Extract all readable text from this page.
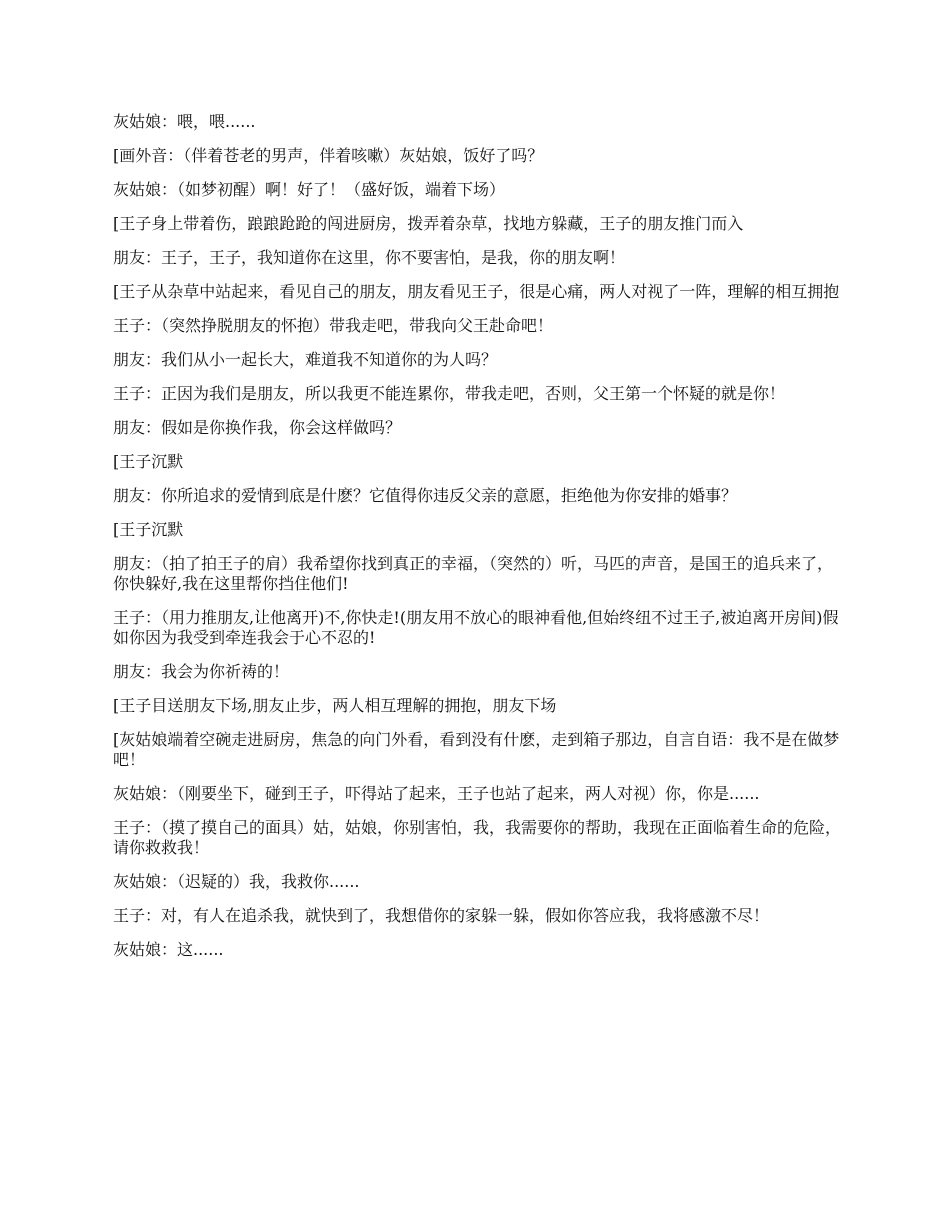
灰姑娘：喂，喂......

[画外音：（伴着苍老的男声，伴着咳嗽）灰姑娘，饭好了吗？

灰姑娘：（如梦初醒）啊！好了！（盛好饭，端着下场）

[王子身上带着伤，踉踉跄跄的闯进厨房，拨弄着杂草，找地方躲藏，王子的朋友推门而入

朋友：王子，王子，我知道你在这里，你不要害怕，是我，你的朋友啊！

[王子从杂草中站起来，看见自己的朋友，朋友看见王子，很是心痛，两人对视了一阵，理解的相互拥抱

王子：（突然挣脱朋友的怀抱）带我走吧，带我向父王赴命吧！

朋友：我们从小一起长大，难道我不知道你的为人吗？

王子：正因为我们是朋友，所以我更不能连累你，带我走吧，否则，父王第一个怀疑的就是你！

朋友：假如是你换作我，你会这样做吗？

[王子沉默

朋友：你所追求的爱情到底是什麽？它值得你违反父亲的意愿，拒绝他为你安排的婚事？

[王子沉默

朋友：（拍了拍王子的肩）我希望你找到真正的幸福，（突然的）听，马匹的声音，是国王的追兵来了，你快躲好,我在这里帮你挡住他们!

王子：（用力推朋友,让他离开)不,你快走!(朋友用不放心的眼神看他,但始终纽不过王子,被迫离开房间)假如你因为我受到牵连我会于心不忍的!

朋友：我会为你祈祷的！

[王子目送朋友下场,朋友止步，两人相互理解的拥抱，朋友下场

[灰姑娘端着空碗走进厨房，焦急的向门外看，看到没有什麽，走到箱子那边，自言自语：我不是在做梦吧！

灰姑娘：（刚要坐下，碰到王子，吓得站了起来，王子也站了起来，两人对视）你，你是......

王子：（摸了摸自己的面具）姑，姑娘，你别害怕，我，我需要你的帮助，我现在正面临着生命的危险，请你救救我！

灰姑娘：（迟疑的）我，我救你......

王子：对，有人在追杀我，就快到了，我想借你的家躲一躲，假如你答应我，我将感激不尽！

灰姑娘：这......
